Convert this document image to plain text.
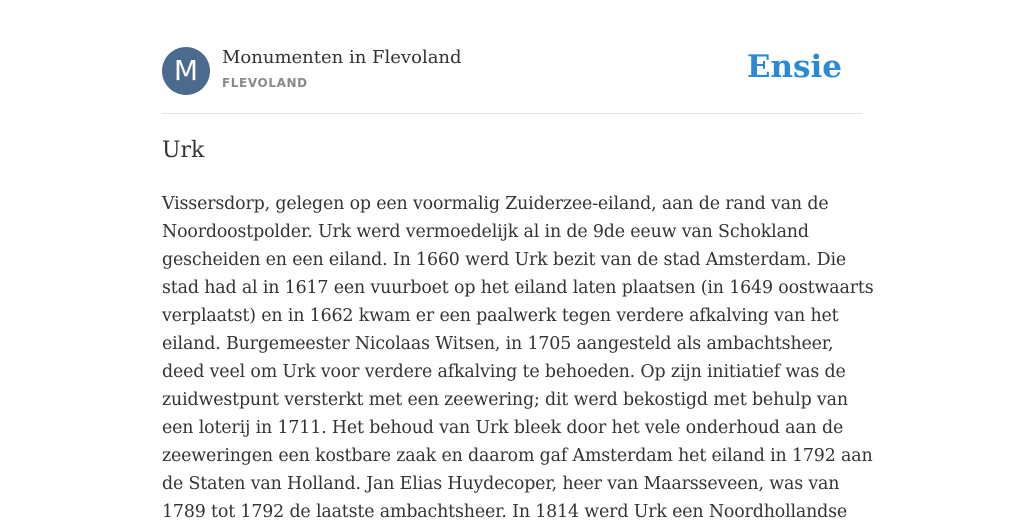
M	Monumenten in Flevoland
FLEVOLAND	Ensie
Urk

Vissersdorp, gelegen op een voormalig Zuiderzee-eiland, aan de rand van de
Noordoostpolder. Urk werd vermoedelijk al in de 9de eeuw van Schokland
gescheiden en een eiland. In 1660 werd Urk bezit van de stad Amsterdam. Die
stad had al in 1617 een vuurboet op het eiland laten plaatsen (in 1649 oostwaarts
verplaatst) en in 1662 kwam er een paalwerk tegen verdere afkalving van het
eiland. Burgemeester Nicolaas Witsen, in 1705 aangesteld als ambachtsheer,
deed veel om Urk voor verdere afkalving te behoeden. Op zijn initiatief was de
zuidwestpunt versterkt met een zeewering; dit werd bekostigd met behulp van
een loterij in 1711. Het behoud van Urk bleek door het vele onderhoud aan de
zeeweringen een kostbare zaak en daarom gaf Amsterdam het eiland in 1792 aan
de Staten van Holland. Jan Elias Huydecoper, heer van Maarsseveen, was van
1789 tot 1792 de laatste ambachtsheer. In 1814 werd Urk een Noordhollandse
